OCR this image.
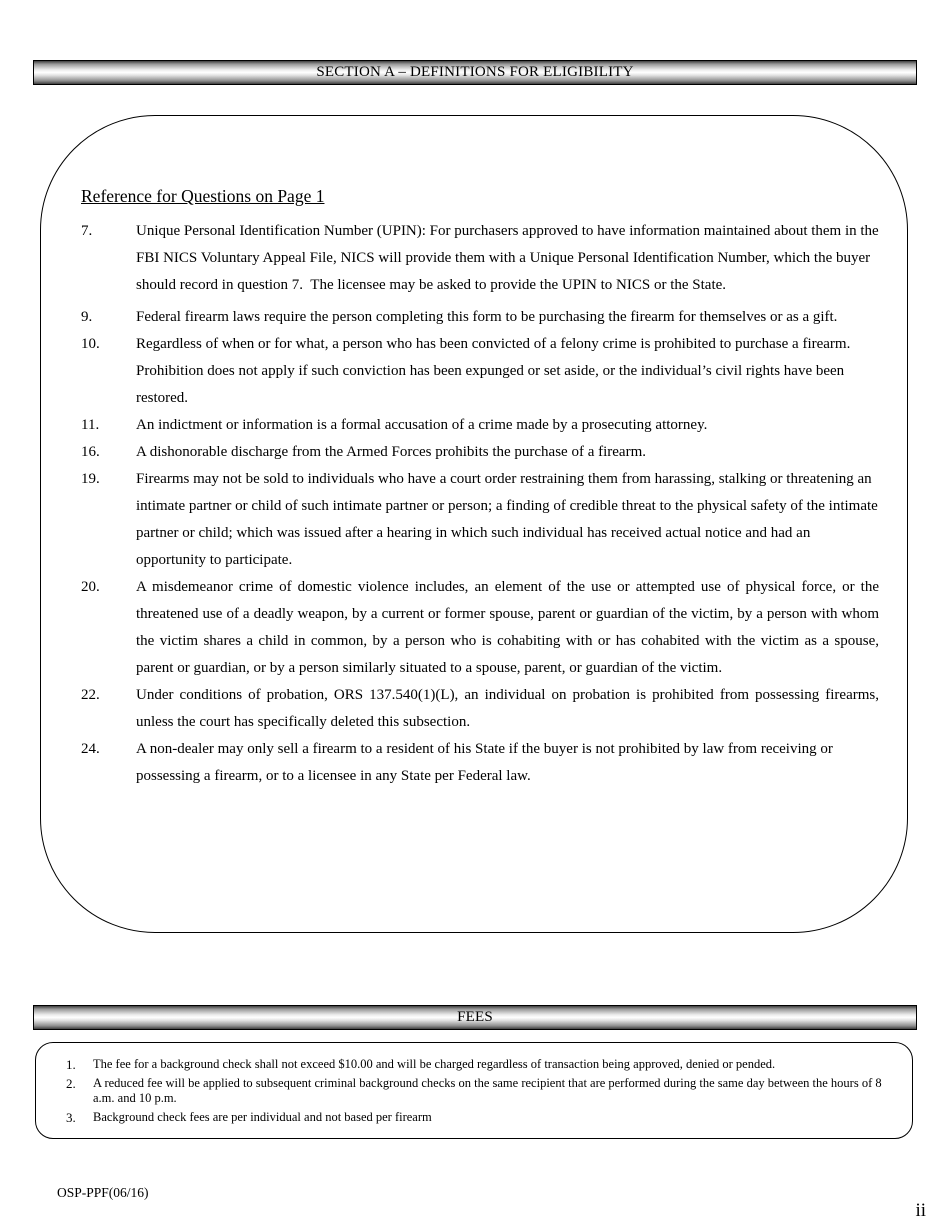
SECTION A – DEFINITIONS FOR ELIGIBILITY
Reference for Questions on Page 1
7.	Unique Personal Identification Number (UPIN): For purchasers approved to have information maintained about them in the FBI NICS Voluntary Appeal File, NICS will provide them with a Unique Personal Identification Number, which the buyer should record in question 7.  The licensee may be asked to provide the UPIN to NICS or the State.
9.	Federal firearm laws require the person completing this form to be purchasing the firearm for themselves or as a gift.
10.	Regardless of when or for what, a person who has been convicted of a felony crime is prohibited to purchase a firearm.  Prohibition does not apply if such conviction has been expunged or set aside, or the individual’s civil rights have been restored.
11.	An indictment or information is a formal accusation of a crime made by a prosecuting attorney.
16.	A dishonorable discharge from the Armed Forces prohibits the purchase of a firearm.
19.	Firearms may not be sold to individuals who have a court order restraining them from harassing, stalking or threatening an intimate partner or child of such intimate partner or person; a finding of credible threat to the physical safety of the intimate partner or child; which was issued after a hearing in which such individual has received actual notice and had an opportunity to participate.
20.	A misdemeanor crime of domestic violence includes, an element of the use or attempted use of physical force, or the threatened use of a deadly weapon, by a current or former spouse, parent or guardian of the victim, by a person with whom the victim shares a child in common, by a person who is cohabiting with or has cohabited with the victim as a spouse, parent or guardian, or by a person similarly situated to a spouse, parent, or guardian of the victim.
22.	Under conditions of probation, ORS 137.540(1)(L), an individual on probation is prohibited from possessing firearms, unless the court has specifically deleted this subsection.
24.	A non-dealer may only sell a firearm to a resident of his State if the buyer is not prohibited by law from receiving or possessing a firearm, or to a licensee in any State per Federal law.
FEES
1.	The fee for a background check shall not exceed $10.00 and will be charged regardless of transaction being approved, denied or pended.
2.	A reduced fee will be applied to subsequent criminal background checks on the same recipient that are performed during the same day between the hours of 8 a.m. and 10 p.m.
3.	Background check fees are per individual and not based per firearm
OSP-PPF(06/16)
ii
